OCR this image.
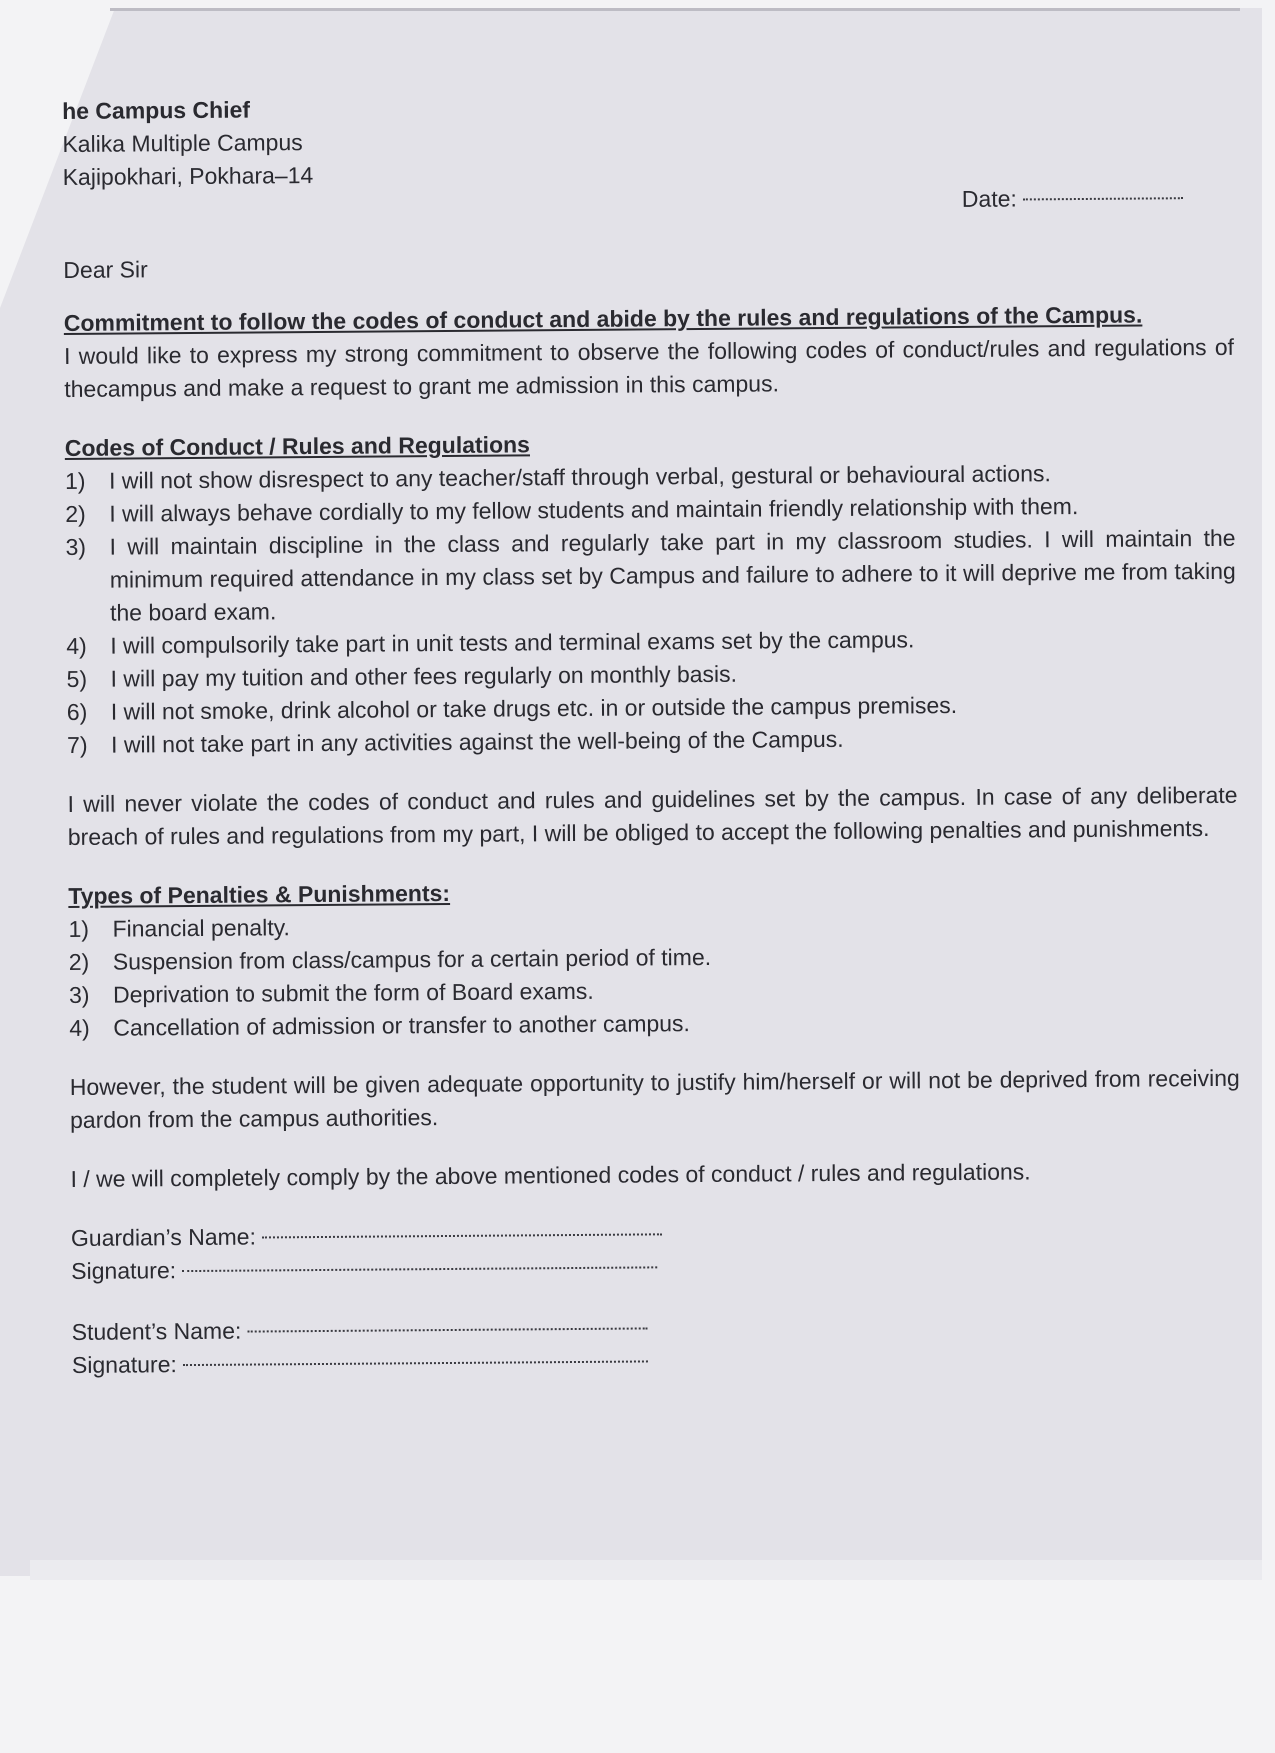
Date:

he Campus Chief
Kalika Multiple Campus
Kajipokhari, Pokhara–14

Dear Sir
Commitment to follow the codes of conduct and abide by the rules and regulations of the Campus.

I would like to express my strong commitment to observe the following codes of conduct/rules and regulations of thecampus and make a request to grant me admission in this campus.

Codes of Conduct / Rules and Regulations
1)	I will not show disrespect to any teacher/staff through verbal, gestural or behavioural actions.
2)	I will always behave cordially to my fellow students and maintain friendly relationship with them.
3)	I will maintain discipline in the class and regularly take part in my classroom studies. I will maintain the minimum required attendance in my class set by Campus and failure to adhere to it will deprive me from taking the board exam.
4)	I will compulsorily take part in unit tests and terminal exams set by the campus.
5)	I will pay my tuition and other fees regularly on monthly basis.
6)	I will not smoke, drink alcohol or take drugs etc. in or outside the campus premises.
7)	I will not take part in any activities against the well-being of the Campus.

I will never violate the codes of conduct and rules and guidelines set by the campus. In case of any deliberate breach of rules and regulations from my part, I will be obliged to accept the following penalties and punishments.

Types of Penalties & Punishments:
1)	Financial penalty.
2)	Suspension from class/campus for a certain period of time.
3)	Deprivation to submit the form of Board exams.
4)	Cancellation of admission or transfer to another campus.

However, the student will be given adequate opportunity to justify him/herself or will not be deprived from receiving pardon from the campus authorities.

I / we will completely comply by the above mentioned codes of conduct / rules and regulations.

Guardian’s Name:
Signature:
Student’s Name:
Signature:
